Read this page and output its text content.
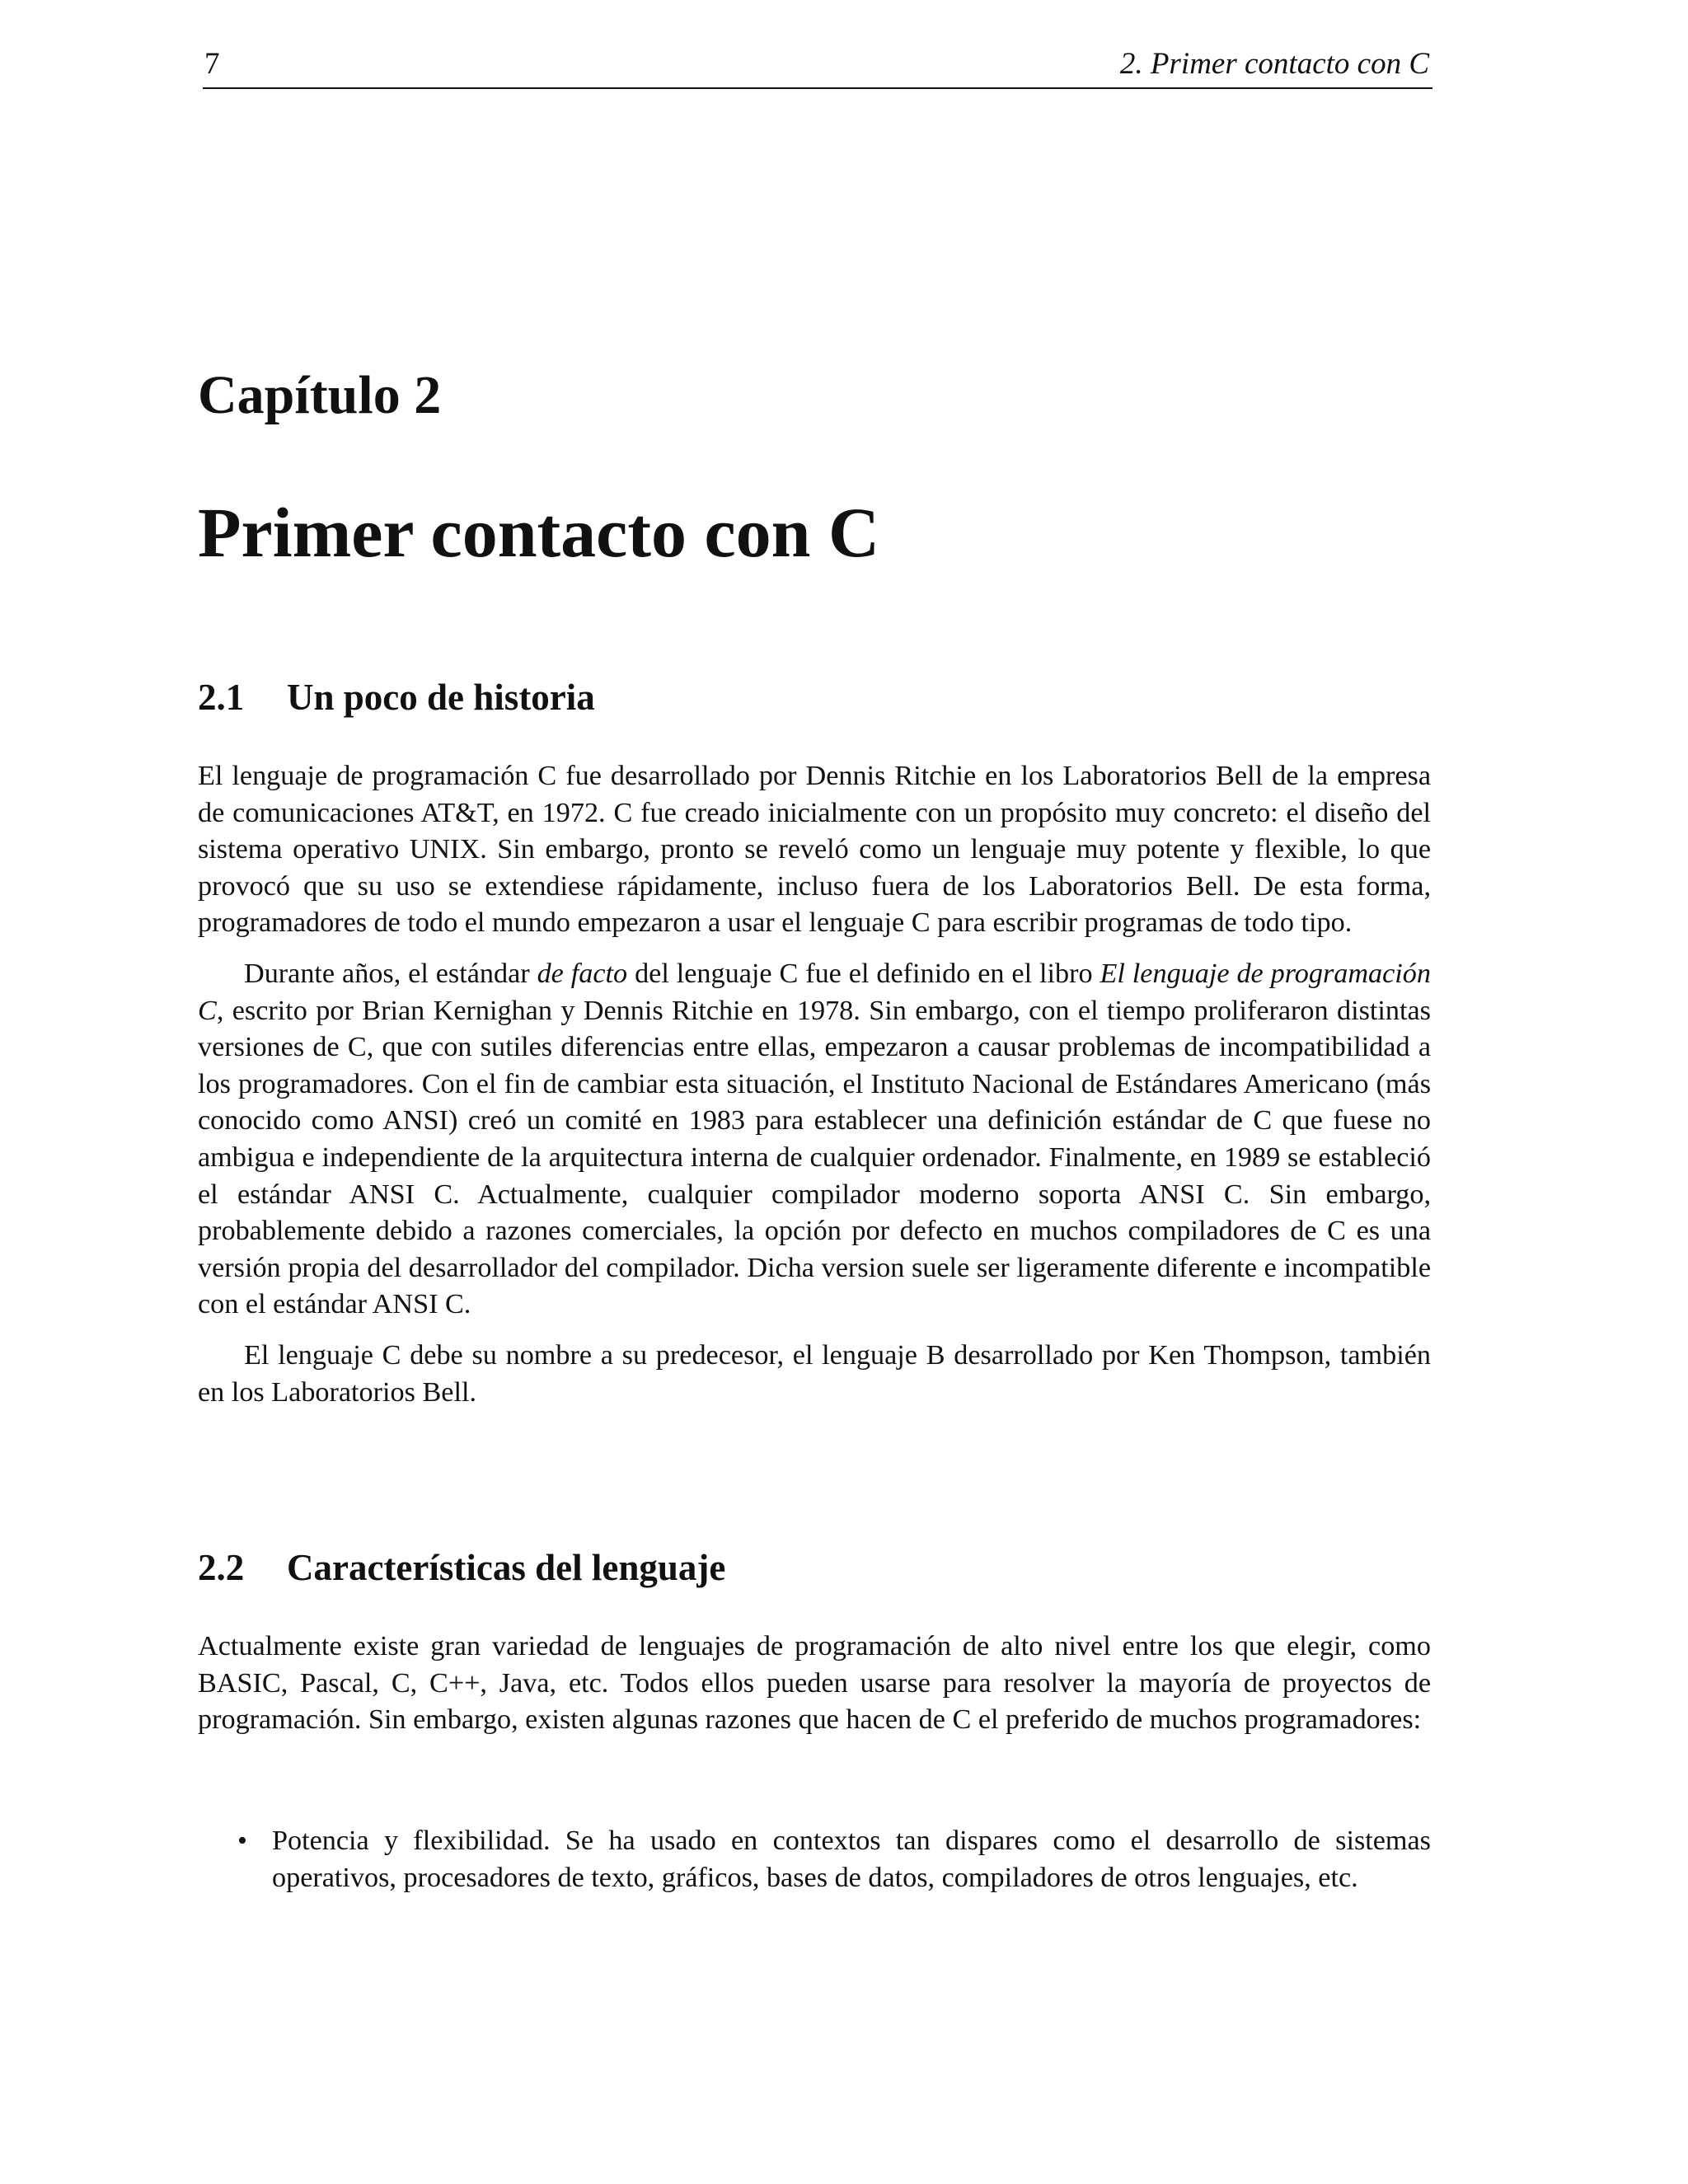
7	2. Primer contacto con C
Capítulo 2
Primer contacto con C
2.1 Un poco de historia

El lenguaje de programación C fue desarrollado por Dennis Ritchie en los Laboratorios Bell de la empresa de comunicaciones AT&T, en 1972. C fue creado inicialmente con un propósito muy concreto: el diseño del sistema operativo UNIX. Sin embargo, pronto se reveló como un lenguaje muy potente y flexible, lo que provocó que su uso se extendiese rápidamente, incluso fuera de los Laboratorios Bell. De esta forma, programadores de todo el mundo empezaron a usar el lenguaje C para escribir programas de todo tipo.

Durante años, el estándar de facto del lenguaje C fue el definido en el libro El lenguaje de programación C, escrito por Brian Kernighan y Dennis Ritchie en 1978. Sin embargo, con el tiempo proliferaron distintas versiones de C, que con sutiles diferencias entre ellas, empezaron a causar problemas de incompatibilidad a los programadores. Con el fin de cambiar esta situación, el Instituto Nacional de Estándares Americano (más conocido como ANSI) creó un comité en 1983 para establecer una definición estándar de C que fuese no ambigua e independiente de la arquitectura interna de cualquier ordenador. Finalmente, en 1989 se estableció el estándar ANSI C. Actualmente, cualquier compilador moderno soporta ANSI C. Sin embargo, probablemente debido a razones comerciales, la opción por defecto en muchos compiladores de C es una versión propia del desarrollador del compilador. Dicha version suele ser ligeramente diferente e incompatible con el estándar ANSI C.

El lenguaje C debe su nombre a su predecesor, el lenguaje B desarrollado por Ken Thompson, también en los Laboratorios Bell.

2.2 Características del lenguaje

Actualmente existe gran variedad de lenguajes de programación de alto nivel entre los que elegir, como BASIC, Pascal, C, C++, Java, etc. Todos ellos pueden usarse para resolver la mayoría de proyectos de programación. Sin embargo, existen algunas razones que hacen de C el preferido de muchos programadores:

• Potencia y flexibilidad. Se ha usado en contextos tan dispares como el desarrollo de sistemas operativos, procesadores de texto, gráficos, bases de datos, compiladores de otros lenguajes, etc.
